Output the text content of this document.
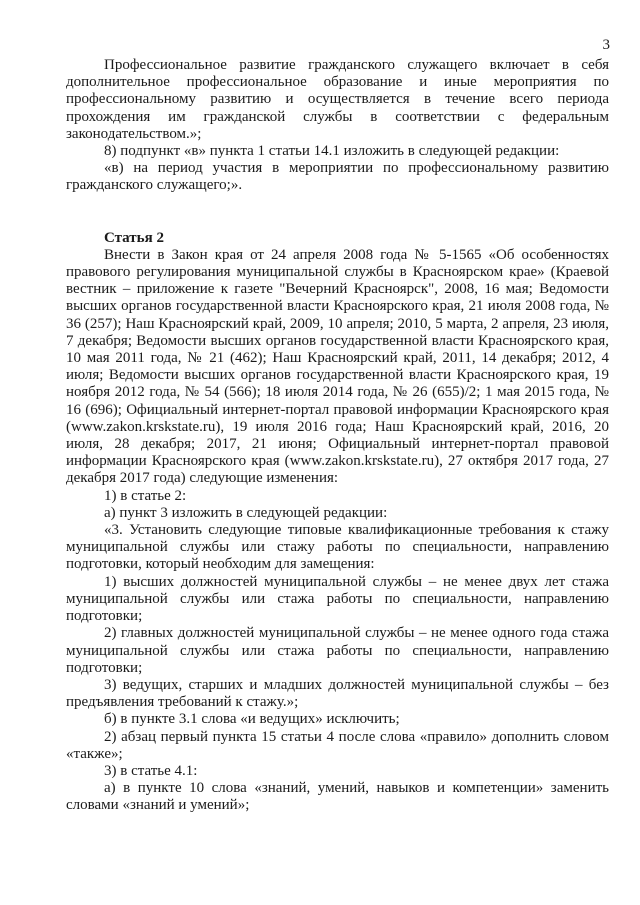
3

Профессиональное развитие гражданского служащего включает в себя дополнительное профессиональное образование и иные мероприятия по профессиональному развитию и осуществляется в течение всего периода прохождения им гражданской службы в соответствии с федеральным законодательством.»;

8) подпункт «в» пункта 1 статьи 14.1 изложить в следующей редакции:

«в) на период участия в мероприятии по профессиональному развитию гражданского служащего;».

Статья 2

Внести в Закон края от 24 апреля 2008 года № 5-1565 «Об особенностях правового регулирования муниципальной службы в Красноярском крае» (Краевой вестник – приложение к газете "Вечерний Красноярск", 2008, 16 мая; Ведомости высших органов государственной власти Красноярского края, 21 июля 2008 года, № 36 (257); Наш Красноярский край, 2009, 10 апреля; 2010, 5 марта, 2 апреля, 23 июля, 7 декабря; Ведомости высших органов государственной власти Красноярского края, 10 мая 2011 года, № 21 (462); Наш Красноярский край, 2011, 14 декабря; 2012, 4 июля; Ведомости высших органов государственной власти Красноярского края, 19 ноября 2012 года, № 54 (566); 18 июля 2014 года, № 26 (655)/2; 1 мая 2015 года, № 16 (696); Официальный интернет-портал правовой информации Красноярского края (www.zakon.krskstate.ru), 19 июля 2016 года; Наш Красноярский край, 2016, 20 июля, 28 декабря; 2017, 21 июня; Официальный интернет-портал правовой информации Красноярского края (www.zakon.krskstate.ru), 27 октября 2017 года, 27 декабря 2017 года) следующие изменения:

1) в статье 2:

а) пункт 3 изложить в следующей редакции:

«3. Установить следующие типовые квалификационные требования к стажу муниципальной службы или стажу работы по специальности, направлению подготовки, который необходим для замещения:

1) высших должностей муниципальной службы – не менее двух лет стажа муниципальной службы или стажа работы по специальности, направлению подготовки;

2) главных должностей муниципальной службы – не менее одного года стажа муниципальной службы или стажа работы по специальности, направлению подготовки;

3) ведущих, старших и младших должностей муниципальной службы – без предъявления требований к стажу.»;

б) в пункте 3.1 слова «и ведущих» исключить;

2) абзац первый пункта 15 статьи 4 после слова «правило» дополнить словом «также»;

3) в статье 4.1:

а) в пункте 10 слова «знаний, умений, навыков и компетенции» заменить словами «знаний и умений»;
